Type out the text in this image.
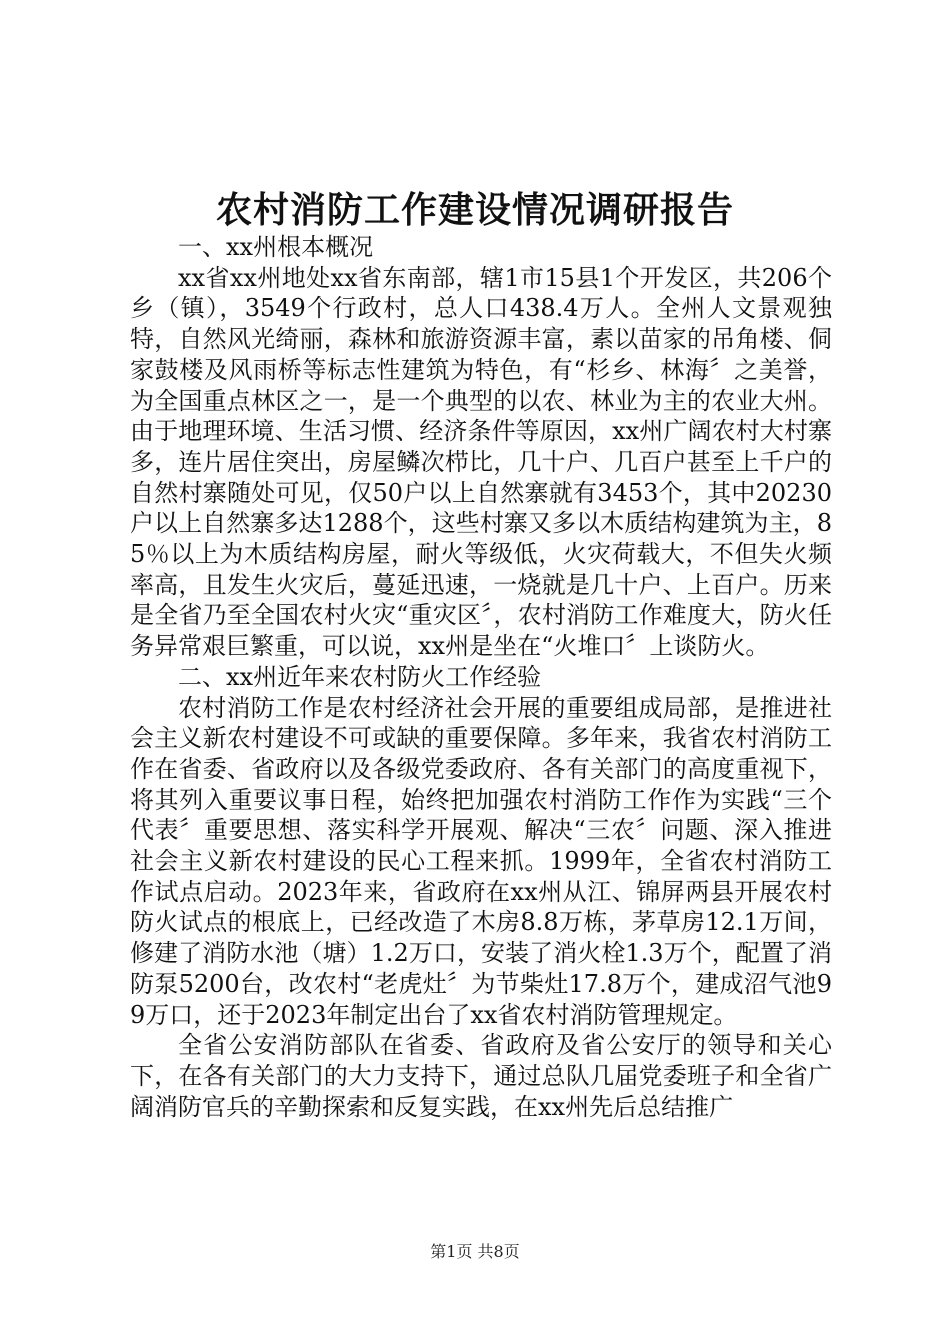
农村消防工作建设情况调研报告

一、xx州根本概况

xx省xx州地处xx省东南部，辖1市15县1个开发区，共206个乡（镇），3549个行政村，总人口438.4万人。全州人文景观独特，自然风光绮丽，森林和旅游资源丰富，素以苗家的吊角楼、侗家鼓楼及风雨桥等标志性建筑为特色，有“杉乡、林海〞之美誉，为全国重点林区之一，是一个典型的以农、林业为主的农业大州。由于地理环境、生活习惯、经济条件等原因，xx州广阔农村大村寨多，连片居住突出，房屋鳞次栉比，几十户、几百户甚至上千户的自然村寨随处可见，仅50户以上自然寨就有3453个，其中20230户以上自然寨多达1288个，这些村寨又多以木质结构建筑为主，85％以上为木质结构房屋，耐火等级低，火灾荷载大，不但失火频率高，且发生火灾后，蔓延迅速，一烧就是几十户、上百户。历来是全省乃至全国农村火灾“重灾区〞，农村消防工作难度大，防火任务异常艰巨繁重，可以说，xx州是坐在“火堆口〞上谈防火。

二、xx州近年来农村防火工作经验

农村消防工作是农村经济社会开展的重要组成局部，是推进社会主义新农村建设不可或缺的重要保障。多年来，我省农村消防工作在省委、省政府以及各级党委政府、各有关部门的高度重视下，将其列入重要议事日程，始终把加强农村消防工作作为实践“三个代表〞重要思想、落实科学开展观、解决“三农〞问题、深入推进社会主义新农村建设的民心工程来抓。1999年，全省农村消防工作试点启动。2023年来，省政府在xx州从江、锦屏两县开展农村防火试点的根底上，已经改造了木房8.8万栋，茅草房12.1万间，修建了消防水池（塘）1.2万口，安装了消火栓1.3万个，配置了消防泵5200台，改农村“老虎灶〞为节柴灶17.8万个，建成沼气池99万口，还于2023年制定出台了xx省农村消防管理规定。

全省公安消防部队在省委、省政府及省公安厅的领导和关心下，在各有关部门的大力支持下，通过总队几届党委班子和全省广阔消防官兵的辛勤探索和反复实践，在xx州先后总结推广

第1页 共8页
